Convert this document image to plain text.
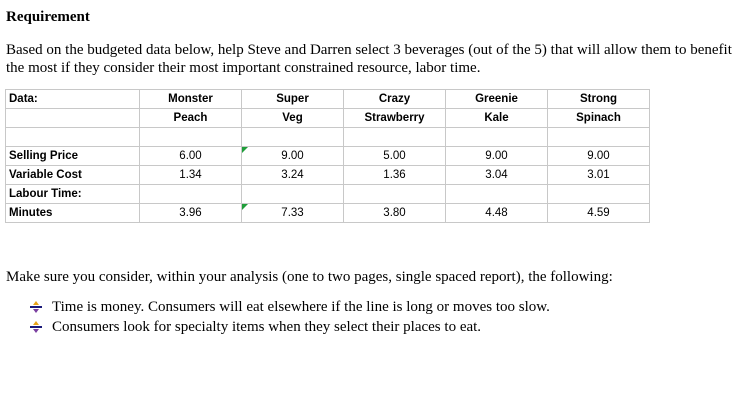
Requirement
Based on the budgeted data below, help Steve and Darren select 3 beverages (out of the 5) that will allow them to benefit the most if they consider their most important constrained resource, labor time.
Data:	Monster	Super	Crazy	Greenie	Strong
	Peach	Veg	Strawberry	Kale	Spinach

Selling Price	6.00	9.00	5.00	9.00	9.00
Variable Cost	1.34	3.24	1.36	3.04	3.01
Labour Time:					
Minutes	3.96	7.33	3.80	4.48	4.59
Make sure you consider, within your analysis (one to two pages, single spaced report), the following:
Time is money. Consumers will eat elsewhere if the line is long or moves too slow.
Consumers look for specialty items when they select their places to eat.
